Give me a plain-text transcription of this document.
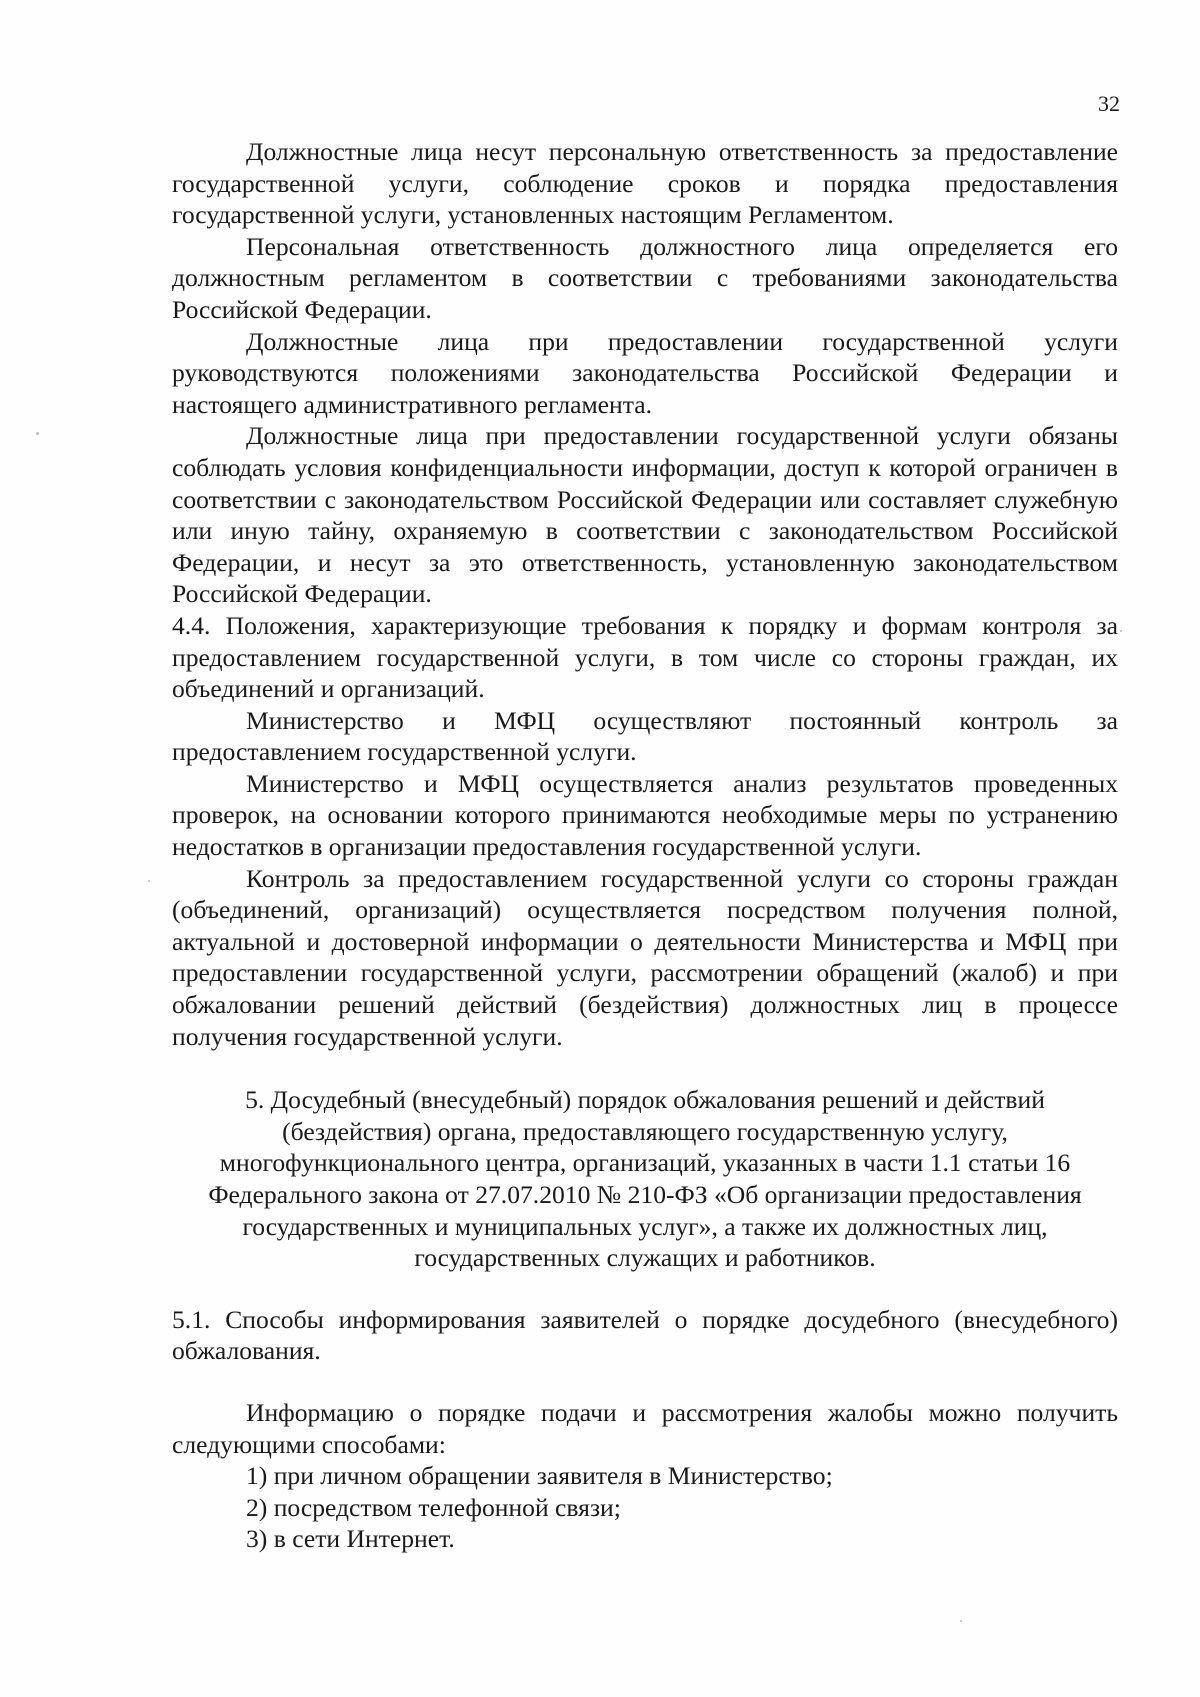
32

Должностные лица несут персональную ответственность за предоставление государственной услуги, соблюдение сроков и порядка предоставления государственной услуги, установленных настоящим Регламентом.

Персональная ответственность должностного лица определяется его должностным регламентом в соответствии с требованиями законодательства Российской Федерации.

Должностные лица при предоставлении государственной услуги руководствуются положениями законодательства Российской Федерации и настоящего административного регламента.

Должностные лица при предоставлении государственной услуги обязаны соблюдать условия конфиденциальности информации, доступ к которой ограничен в соответствии с законодательством Российской Федерации или составляет служебную или иную тайну, охраняемую в соответствии с законодательством Российской Федерации, и несут за это ответственность, установленную законодательством Российской Федерации.

4.4. Положения, характеризующие требования к порядку и формам контроля за предоставлением государственной услуги, в том числе со стороны граждан, их объединений и организаций.

Министерство и МФЦ осуществляют постоянный контроль за предоставлением государственной услуги.

Министерство и МФЦ осуществляется анализ результатов проведенных проверок, на основании которого принимаются необходимые меры по устранению недостатков в организации предоставления государственной услуги.

Контроль за предоставлением государственной услуги со стороны граждан (объединений, организаций) осуществляется посредством получения полной, актуальной и достоверной информации о деятельности Министерства и МФЦ при предоставлении государственной услуги, рассмотрении обращений (жалоб) и при обжаловании решений действий (бездействия) должностных лиц в процессе получения государственной услуги.

5. Досудебный (внесудебный) порядок обжалования решений и действий
(бездействия) органа, предоставляющего государственную услугу,
многофункционального центра, организаций, указанных в части 1.1 статьи 16
Федерального закона от 27.07.2010 № 210-ФЗ «Об организации предоставления
государственных и муниципальных услуг», а также их должностных лиц,
государственных служащих и работников.

5.1. Способы информирования заявителей о порядке досудебного (внесудебного) обжалования.

Информацию о порядке подачи и рассмотрения жалобы можно получить следующими способами:

1) при личном обращении заявителя в Министерство;

2) посредством телефонной связи;

3) в сети Интернет.
